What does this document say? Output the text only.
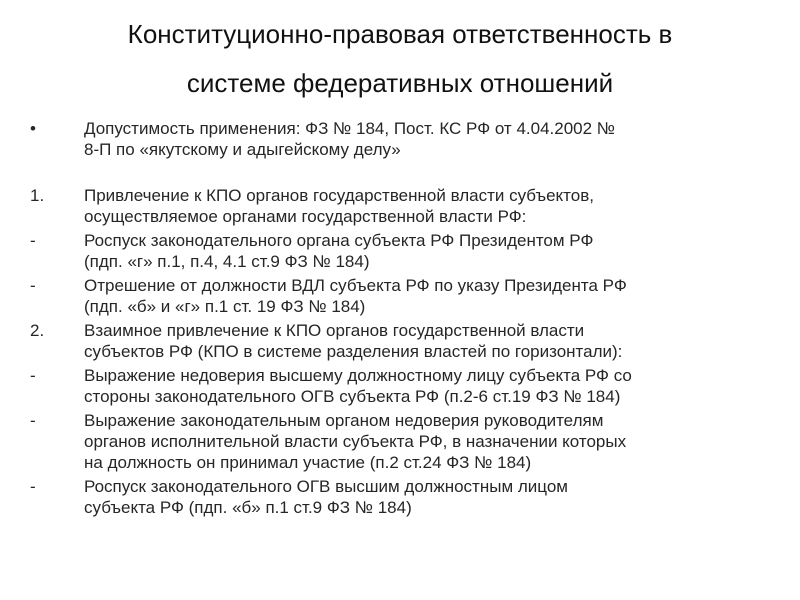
Конституционно-правовая ответственность в
системе федеративных отношений
•	Допустимость применения: ФЗ № 184, Пост. КС РФ от 4.04.2002 №
8-П по «якутскому и адыгейскому делу»
1.	Привлечение к КПО органов государственной власти субъектов,
осуществляемое органами государственной власти РФ:
-	Роспуск законодательного органа субъекта РФ Президентом РФ
(пдп. «г» п.1, п.4, 4.1 ст.9 ФЗ № 184)
-	Отрешение от должности ВДЛ субъекта РФ по указу Президента РФ
(пдп. «б» и «г» п.1 ст. 19 ФЗ № 184)
2.	Взаимное привлечение к КПО органов государственной власти
субъектов РФ (КПО в системе разделения властей по горизонтали):
-	Выражение недоверия высшему должностному лицу субъекта РФ со
стороны законодательного ОГВ субъекта РФ (п.2-6 ст.19 ФЗ № 184)
-	Выражение законодательным органом недоверия руководителям
органов исполнительной власти субъекта РФ, в назначении которых
на должность он принимал участие (п.2 ст.24 ФЗ № 184)
-	Роспуск законодательного ОГВ высшим должностным лицом
субъекта РФ (пдп. «б» п.1 ст.9 ФЗ № 184)
